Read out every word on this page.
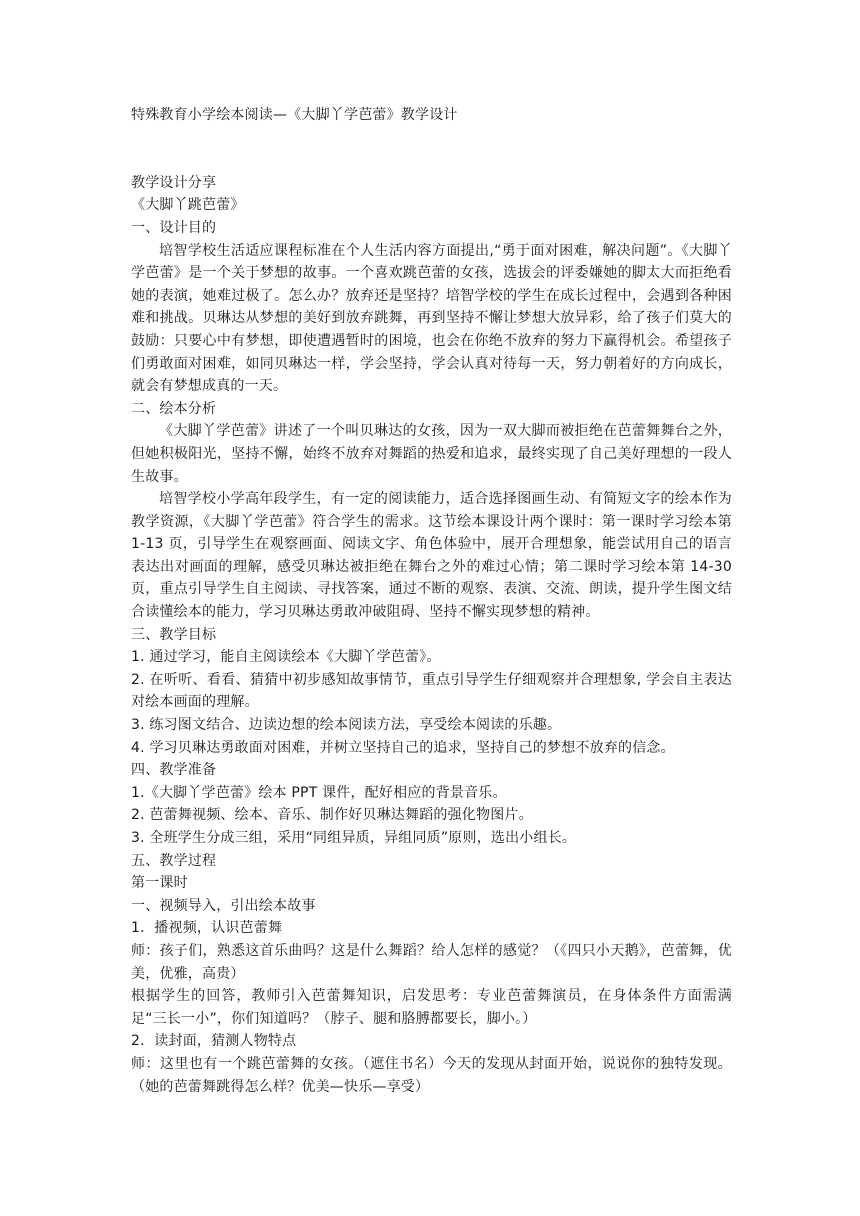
特殊教育小学绘本阅读—《大脚丫学芭蕾》教学设计

教学设计分享

《大脚丫跳芭蕾》

一、设计目的

培智学校生活适应课程标准在个人生活内容方面提出,“勇于面对困难，解决问题”。《大脚丫学芭蕾》是一个关于梦想的故事。一个喜欢跳芭蕾的女孩，选拔会的评委嫌她的脚太大而拒绝看她的表演，她难过极了。怎么办？放弃还是坚持？培智学校的学生在成长过程中，会遇到各种困难和挑战。贝琳达从梦想的美好到放弃跳舞，再到坚持不懈让梦想大放异彩，给了孩子们莫大的鼓励：只要心中有梦想，即使遭遇暂时的困境，也会在你绝不放弃的努力下赢得机会。希望孩子们勇敢面对困难，如同贝琳达一样，学会坚持，学会认真对待每一天，努力朝着好的方向成长，就会有梦想成真的一天。

二、绘本分析

《大脚丫学芭蕾》讲述了一个叫贝琳达的女孩，因为一双大脚而被拒绝在芭蕾舞舞台之外，但她积极阳光，坚持不懈，始终不放弃对舞蹈的热爱和追求，最终实现了自己美好理想的一段人生故事。

培智学校小学高年段学生，有一定的阅读能力，适合选择图画生动、有简短文字的绘本作为教学资源，《大脚丫学芭蕾》符合学生的需求。这节绘本课设计两个课时：第一课时学习绘本第 1-13 页，引导学生在观察画面、阅读文字、角色体验中，展开合理想象，能尝试用自己的语言表达出对画面的理解，感受贝琳达被拒绝在舞台之外的难过心情；第二课时学习绘本第 14-30 页，重点引导学生自主阅读、寻找答案，通过不断的观察、表演、交流、朗读，提升学生图文结合读懂绘本的能力，学习贝琳达勇敢冲破阻碍、坚持不懈实现梦想的精神。

三、教学目标

1. 通过学习，能自主阅读绘本《大脚丫学芭蕾》。

2. 在听听、看看、猜猜中初步感知故事情节，重点引导学生仔细观察并合理想象, 学会自主表达对绘本画面的理解。

3. 练习图文结合、边读边想的绘本阅读方法，享受绘本阅读的乐趣。

4. 学习贝琳达勇敢面对困难，并树立坚持自己的追求，坚持自己的梦想不放弃的信念。

四、教学准备

1.《大脚丫学芭蕾》绘本 PPT 课件，配好相应的背景音乐。

2. 芭蕾舞视频、绘本、音乐、制作好贝琳达舞蹈的强化物图片。

3. 全班学生分成三组，采用“同组异质，异组同质”原则，选出小组长。

五、教学过程

第一课时

一、视频导入，引出绘本故事

1．播视频，认识芭蕾舞

师：孩子们，熟悉这首乐曲吗？这是什么舞蹈？给人怎样的感觉？（《四只小天鹅》，芭蕾舞，优美，优雅，高贵）

根据学生的回答，教师引入芭蕾舞知识，启发思考：专业芭蕾舞演员，在身体条件方面需满足“三长一小”，你们知道吗？（脖子、腿和胳膊都要长，脚小。）

2．读封面，猜测人物特点

师：这里也有一个跳芭蕾舞的女孩。（遮住书名）今天的发现从封面开始，说说你的独特发现。（她的芭蕾舞跳得怎么样？优美—快乐—享受）
